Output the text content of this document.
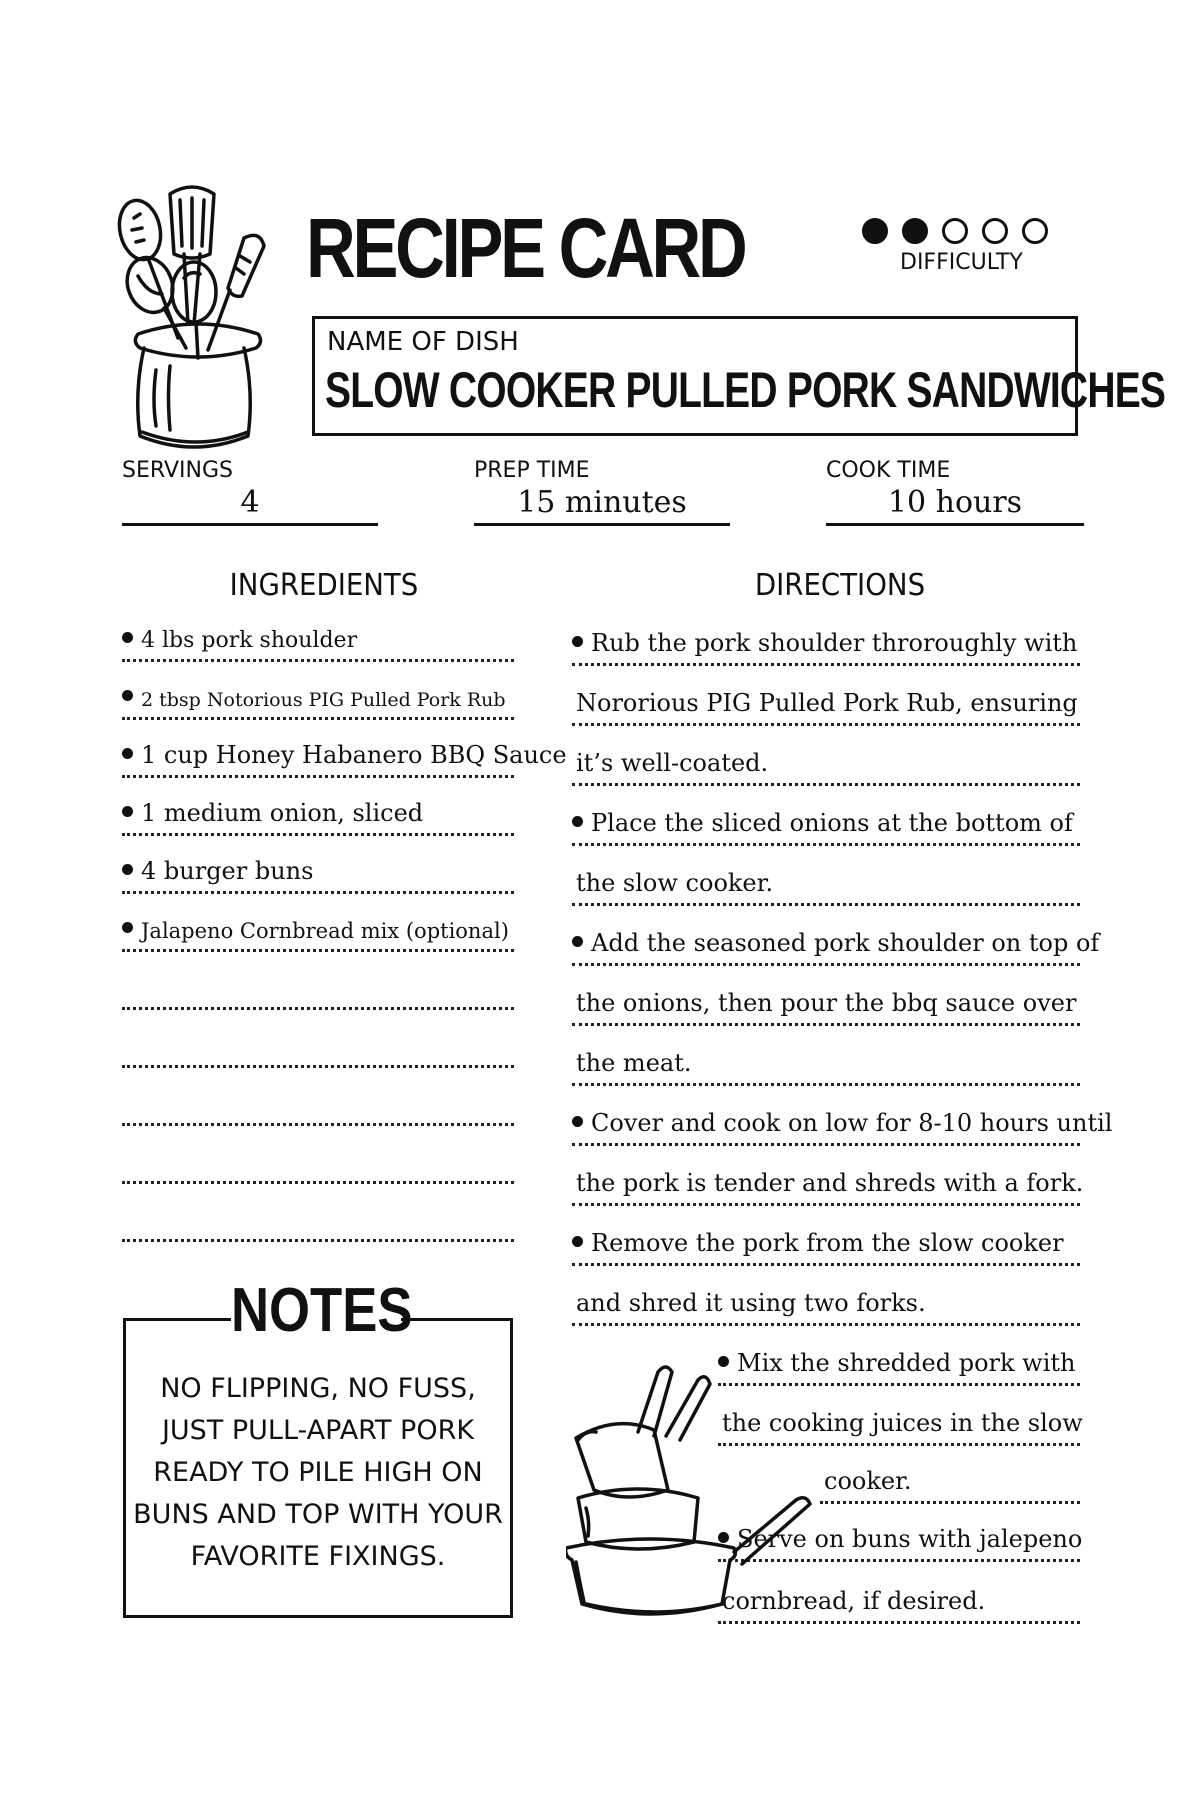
RECIPE CARD	DIFFICULTY
NAME OF DISH
SLOW COOKER PULLED PORK SANDWICHES
SERVINGS
4
PREP TIME
15 minutes
COOK TIME
10 hours
INGREDIENTS	DIRECTIONS
4 lbs pork shoulder
2 tbsp Notorious PIG Pulled Pork Rub
1 cup Honey Habanero BBQ Sauce
1 medium onion, sliced
4 burger buns
Jalapeno Cornbread mix (optional)
Rub the pork shoulder throroughly with
Nororious PIG Pulled Pork Rub, ensuring
it’s well-coated.
Place the sliced onions at the bottom of
the slow cooker.
Add the seasoned pork shoulder on top of
the onions, then pour the bbq sauce over
the meat.
Cover and cook on low for 8-10 hours until
the pork is tender and shreds with a fork.
Remove the pork from the slow cooker
and shred it using two forks.
Mix the shredded pork with
the cooking juices in the slow
cooker.
Serve on buns with jalepeno
cornbread, if desired.
NOTES
NO FLIPPING, NO FUSS, JUST PULL-APART PORK READY TO PILE HIGH ON BUNS AND TOP WITH YOUR FAVORITE FIXINGS.
